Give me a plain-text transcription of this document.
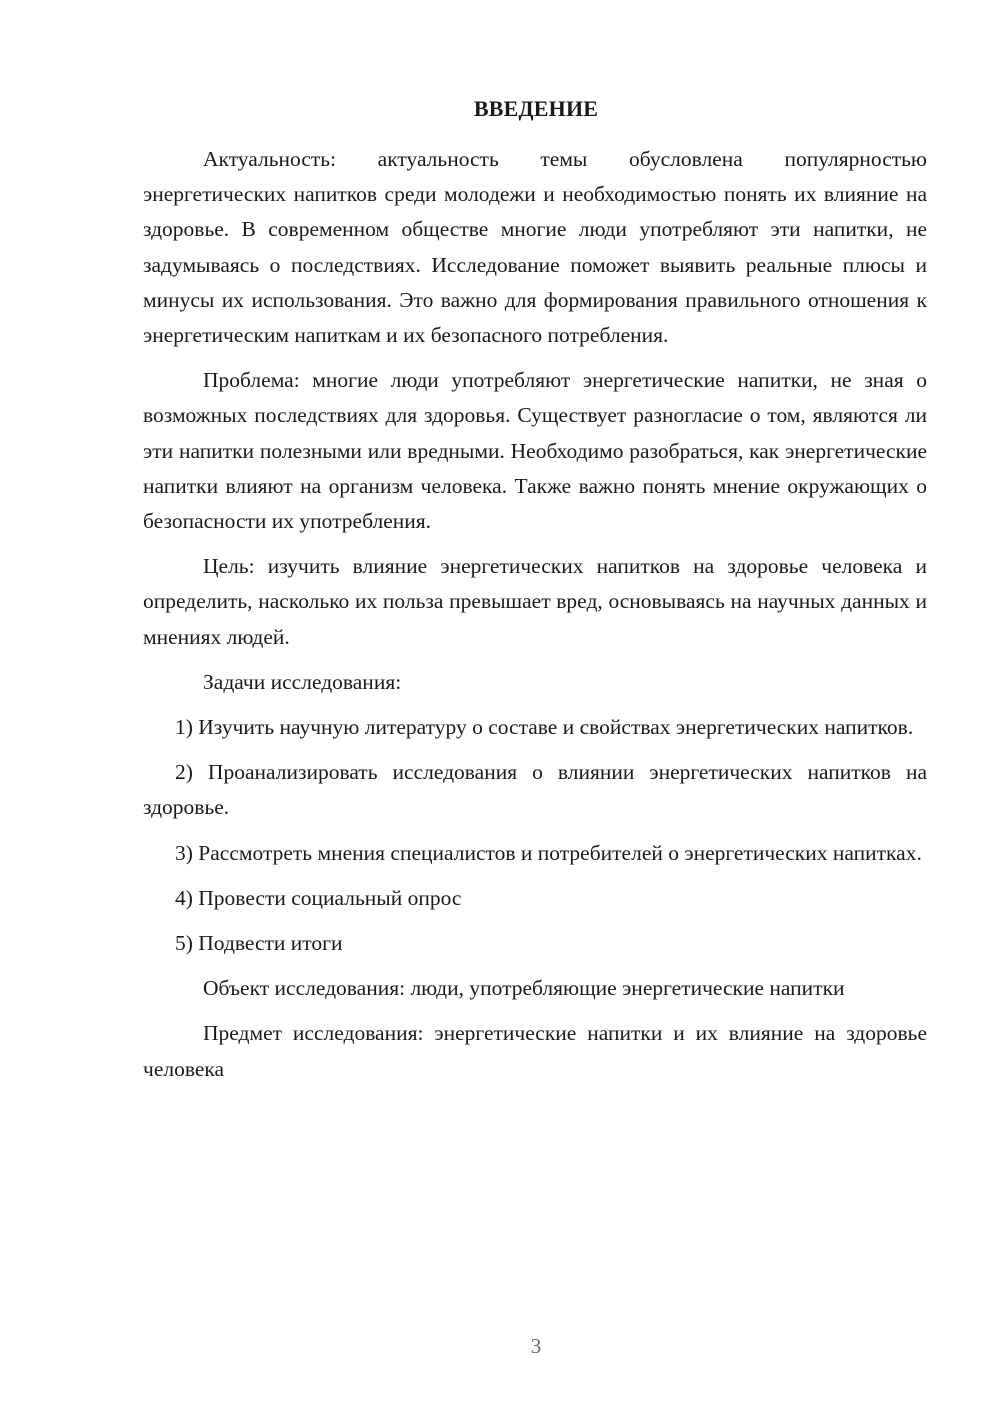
ВВЕДЕНИЕ

Актуальность: актуальность темы обусловлена популярностью энергетических напитков среди молодежи и необходимостью понять их влияние на здоровье. В современном обществе многие люди употребляют эти напитки, не задумываясь о последствиях. Исследование поможет выявить реальные плюсы и минусы их использования. Это важно для формирования правильного отношения к энергетическим напиткам и их безопасного потребления.

Проблема: многие люди употребляют энергетические напитки, не зная о возможных последствиях для здоровья. Существует разногласие о том, являются ли эти напитки полезными или вредными. Необходимо разобраться, как энергетические напитки влияют на организм человека. Также важно понять мнение окружающих о безопасности их употребления.

Цель: изучить влияние энергетических напитков на здоровье человека и определить, насколько их польза превышает вред, основываясь на научных данных и мнениях людей.

Задачи исследования:

1) Изучить научную литературу о составе и свойствах энергетических напитков.

2) Проанализировать исследования о влиянии энергетических напитков на здоровье.

3) Рассмотреть мнения специалистов и потребителей о энергетических напитках.

4) Провести социальный опрос

5) Подвести итоги

Объект исследования: люди, употребляющие энергетические напитки

Предмет исследования: энергетические напитки и их влияние на здоровье человека

3
